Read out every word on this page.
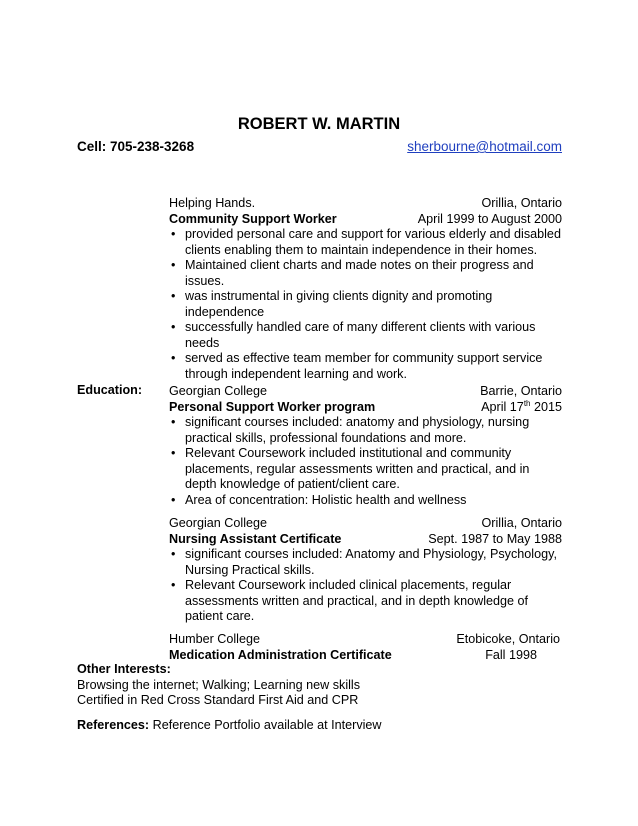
ROBERT W. MARTIN
Cell: 705-238-3268	sherbourne@hotmail.com
Helping Hands.	Orillia, Ontario
Community Support Worker	April 1999 to August 2000
• provided personal care and support for various elderly and disabled clients enabling them to maintain independence in their homes.
• Maintained client charts and made notes on their progress and issues.
• was instrumental in giving clients dignity and promoting independence
• successfully handled care of many different clients with various needs
• served as effective team member for community support service through independent learning and work.
Education: Georgian College	Barrie, Ontario
Personal Support Worker program	April 17th 2015
• significant courses included: anatomy and physiology, nursing practical skills, professional foundations and more.
• Relevant Coursework included institutional and community placements, regular assessments written and practical, and in depth knowledge of patient/client care.
• Area of concentration: Holistic health and wellness
Georgian College	Orillia, Ontario
Nursing Assistant Certificate	Sept. 1987 to May 1988
• significant courses included: Anatomy and Physiology, Psychology, Nursing Practical skills.
• Relevant Coursework included clinical placements, regular assessments written and practical, and in depth knowledge of patient care.
Humber College	Etobicoke, Ontario
Medication Administration Certificate	Fall 1998
Other Interests:
Browsing the internet; Walking; Learning new skills
Certified in Red Cross Standard First Aid and CPR
References: Reference Portfolio available at Interview
